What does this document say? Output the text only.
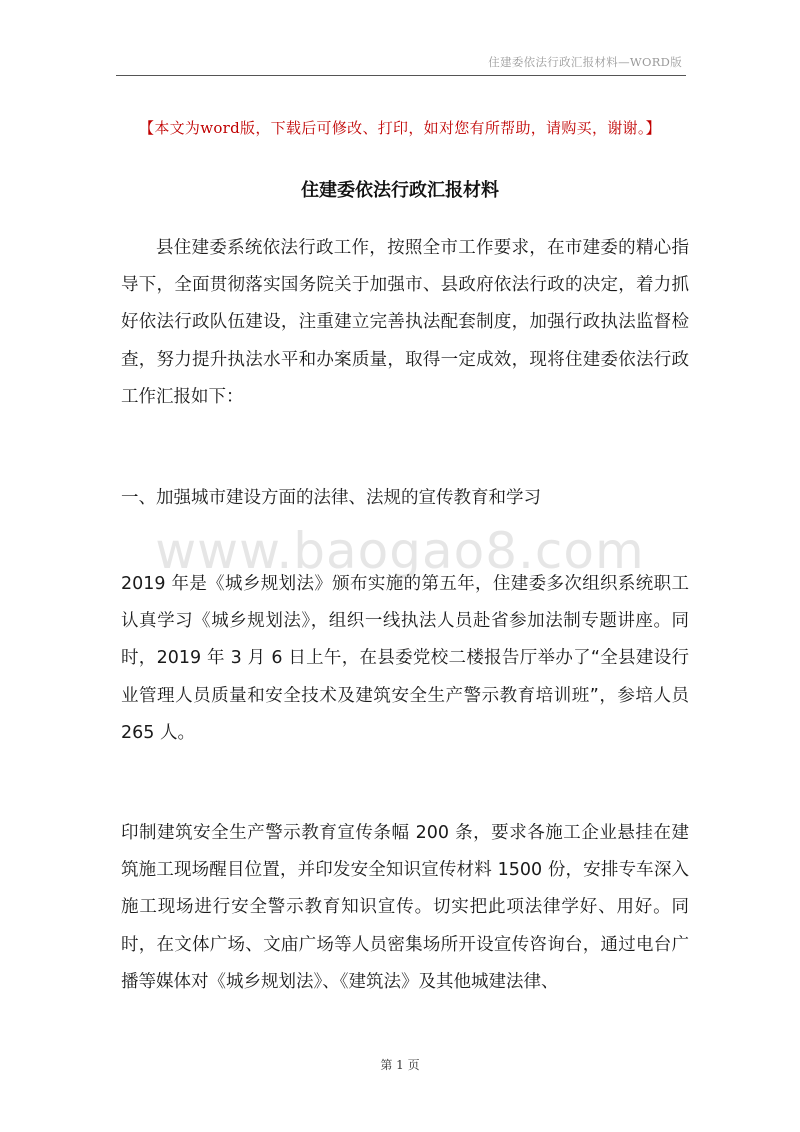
住建委依法行政汇报材料—WORD版
【本文为word版，下载后可修改、打印，如对您有所帮助，请购买，谢谢。】
住建委依法行政汇报材料

县住建委系统依法行政工作，按照全市工作要求，在市建委的精心指导下，全面贯彻落实国务院关于加强市、县政府依法行政的决定，着力抓好依法行政队伍建设，注重建立完善执法配套制度，加强行政执法监督检查，努力提升执法水平和办案质量，取得一定成效，现将住建委依法行政工作汇报如下：

一、加强城市建设方面的法律、法规的宣传教育和学习

www.baogao8.com

2019 年是《城乡规划法》颁布实施的第五年，住建委多次组织系统职工认真学习《城乡规划法》，组织一线执法人员赴省参加法制专题讲座。同时，2019 年 3 月 6 日上午，在县委党校二楼报告厅举办了“全县建设行业管理人员质量和安全技术及建筑安全生产警示教育培训班”，参培人员 265 人。

印制建筑安全生产警示教育宣传条幅 200 条，要求各施工企业悬挂在建筑施工现场醒目位置，并印发安全知识宣传材料 1500 份，安排专车深入施工现场进行安全警示教育知识宣传。切实把此项法律学好、用好。同时，在文体广场、文庙广场等人员密集场所开设宣传咨询台，通过电台广播等媒体对《城乡规划法》、《建筑法》及其他城建法律、

第 1 页
